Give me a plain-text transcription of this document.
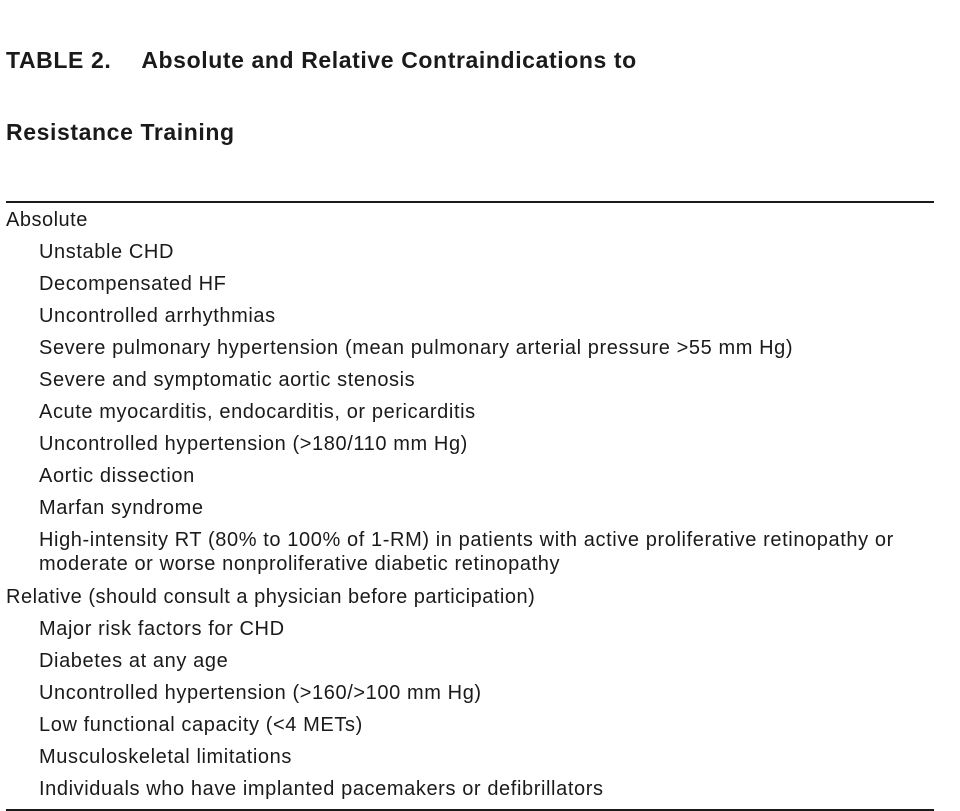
TABLE 2. Absolute and Relative Contraindications to

Resistance Training

Absolute
Unstable CHD
Decompensated HF
Uncontrolled arrhythmias
Severe pulmonary hypertension (mean pulmonary arterial pressure >55 mm Hg)
Severe and symptomatic aortic stenosis
Acute myocarditis, endocarditis, or pericarditis
Uncontrolled hypertension (>180/110 mm Hg)
Aortic dissection
Marfan syndrome
High-intensity RT (80% to 100% of 1-RM) in patients with active proliferative retinopathy or moderate or worse nonproliferative diabetic retinopathy
Relative (should consult a physician before participation)
Major risk factors for CHD
Diabetes at any age
Uncontrolled hypertension (>160/>100 mm Hg)
Low functional capacity (<4 METs)
Musculoskeletal limitations
Individuals who have implanted pacemakers or defibrillators
